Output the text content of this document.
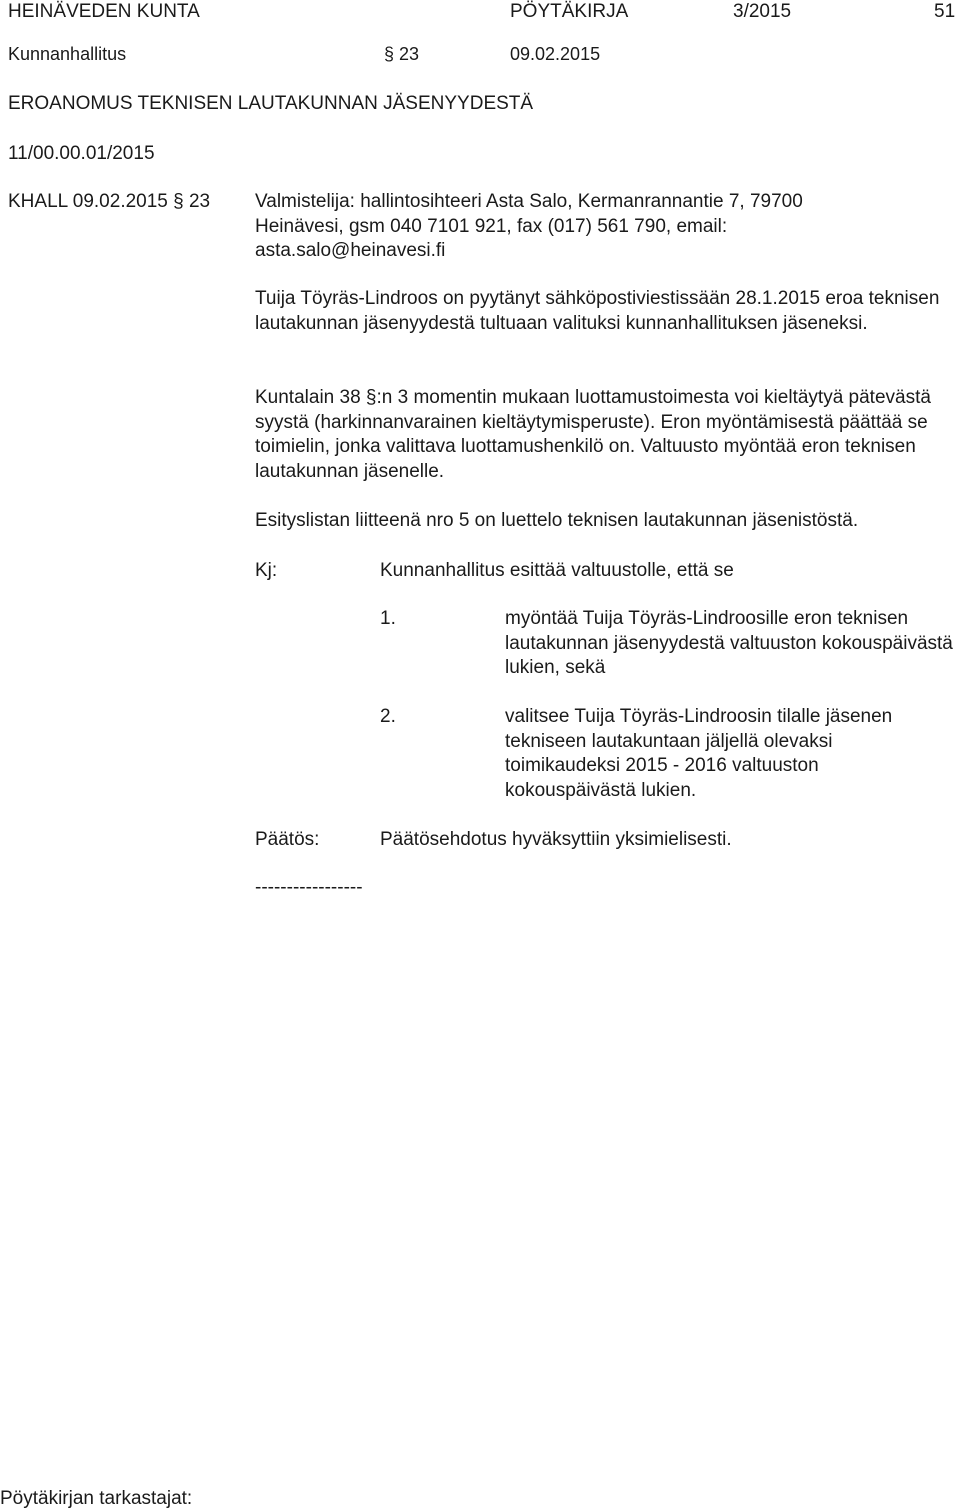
HEINÄVEDEN KUNTA	PÖYTÄKIRJA	3/2015	51
Kunnanhallitus	§ 23	09.02.2015
EROANOMUS TEKNISEN LAUTAKUNNAN JÄSENYYDESTÄ
11/00.00.01/2015
KHALL 09.02.2015 § 23 Valmistelija: hallintosihteeri Asta Salo, Kermanrannantie 7, 79700 Heinävesi, gsm 040 7101 921, fax (017) 561 790, email: asta.salo@heinavesi.fi

Tuija Töyräs-Lindroos on pyytänyt sähköpostiviestissään 28.1.2015 eroa teknisen lautakunnan jäsenyydestä tultuaan valituksi kunnanhallituksen jäseneksi.

Kuntalain 38 §:n 3 momentin mukaan luottamustoimesta voi kieltäytyä pätevästä syystä (harkinnanvarainen kieltäytymisperuste). Eron myöntämisestä päättää se toimielin, jonka valittava luottamushenkilö on. Valtuusto myöntää eron teknisen lautakunnan jäsenelle.

Esityslistan liitteenä nro 5 on luettelo teknisen lautakunnan jäsenistöstä.

Kj:	Kunnanhallitus esittää valtuustolle, että se
1.	myöntää Tuija Töyräs-Lindroosille eron teknisen lautakunnan jäsenyydestä valtuuston kokouspäivästä lukien, sekä

2.	valitsee Tuija Töyräs-Lindroosin tilalle jäsenen tekniseen lautakuntaan jäljellä olevaksi toimikaudeksi 2015 - 2016 valtuuston kokouspäivästä lukien.

Päätös:	Päätösehdotus hyväksyttiin yksimielisesti.
-----------------
Pöytäkirjan tarkastajat:
